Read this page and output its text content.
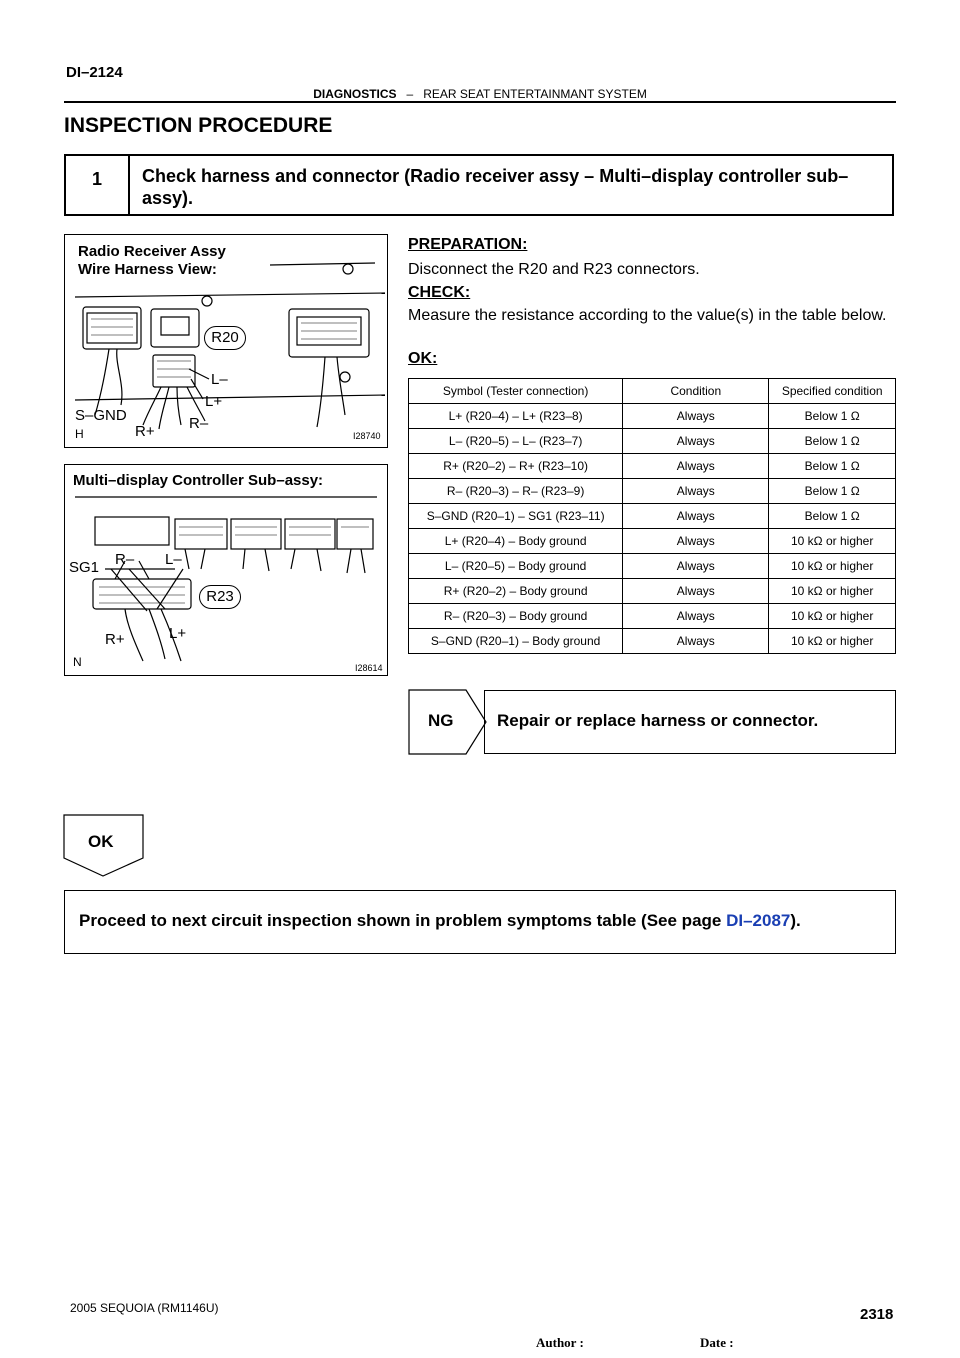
DI–2124
DIAGNOSTICS – REAR SEAT ENTERTAINMANT SYSTEM
INSPECTION PROCEDURE
1	Check harness and connector (Radio receiver assy – Multi–display controller sub–assy).
Radio Receiver Assy
Wire Harness View:
R20
L–
L+
S–GND
R+ R–
H	I28740
Multi–display Controller Sub–assy:
SG1 R– L–
R23
R+	L+
N	I28614
PREPARATION:
Disconnect the R20 and R23 connectors.
CHECK:
Measure the resistance according to the value(s) in the table below.
OK:
Symbol (Tester connection)	Condition	Specified condition
L+ (R20–4) – L+ (R23–8)	Always	Below 1 Ω
L– (R20–5) – L– (R23–7)	Always	Below 1 Ω
R+ (R20–2) – R+ (R23–10)	Always	Below 1 Ω
R– (R20–3) – R– (R23–9)	Always	Below 1 Ω
S–GND (R20–1) – SG1 (R23–11)	Always	Below 1 Ω
L+ (R20–4) – Body ground	Always	10 kΩ or higher
L– (R20–5) – Body ground	Always	10 kΩ or higher
R+ (R20–2) – Body ground	Always	10 kΩ or higher
R– (R20–3) – Body ground	Always	10 kΩ or higher
S–GND (R20–1) – Body ground	Always	10 kΩ or higher
NG	Repair or replace harness or connector.
OK
Proceed to next circuit inspection shown in problem symptoms table (See page DI–2087).
2005 SEQUOIA (RM1146U)	2318
Author :	Date :
